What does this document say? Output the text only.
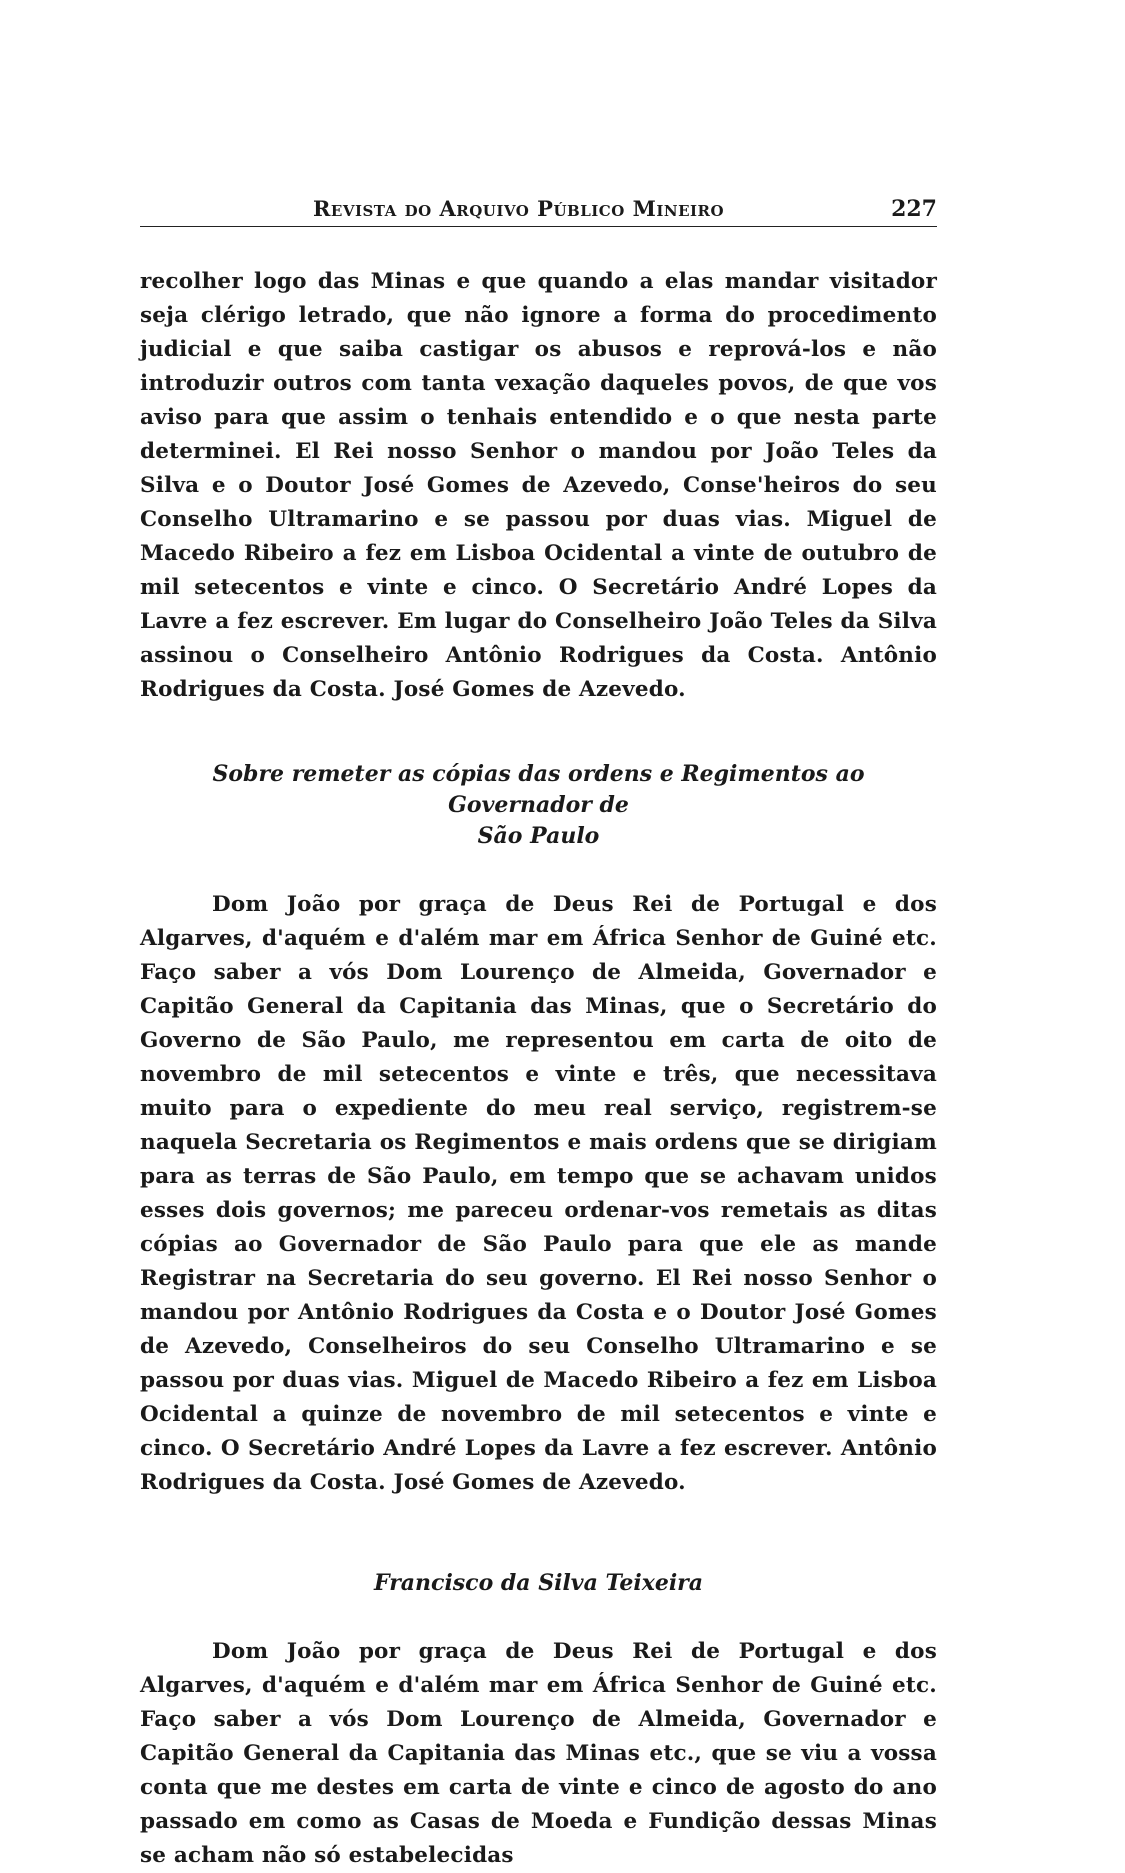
Revista do Arquivo Público Mineiro	227

recolher logo das Minas e que quando a elas mandar visitador seja clérigo letrado, que não ignore a forma do procedimento judicial e que saiba castigar os abusos e reprová-los e não introduzir outros com tanta vexação daqueles povos, de que vos aviso para que assim o tenhais entendido e o que nesta parte determinei. El Rei nosso Senhor o mandou por João Teles da Silva e o Doutor José Gomes de Azevedo, Conse'heiros do seu Conselho Ultramarino e se passou por duas vias. Miguel de Macedo Ribeiro a fez em Lisboa Ocidental a vinte de outubro de mil setecentos e vinte e cinco. O Secretário André Lopes da Lavre a fez escrever. Em lugar do Conselheiro João Teles da Silva assinou o Conselheiro Antônio Rodrigues da Costa. Antônio Rodrigues da Costa. José Gomes de Azevedo.

Sobre remeter as cópias das ordens e Regimentos ao Governador de
São Paulo

Dom João por graça de Deus Rei de Portugal e dos Algarves, d'aquém e d'além mar em África Senhor de Guiné etc. Faço saber a vós Dom Lourenço de Almeida, Governador e Capitão General da Capitania das Minas, que o Secretário do Governo de São Paulo, me representou em carta de oito de novembro de mil setecentos e vinte e três, que necessitava muito para o expediente do meu real serviço, registrem-se naquela Secretaria os Regimentos e mais ordens que se dirigiam para as terras de São Paulo, em tempo que se achavam unidos esses dois governos; me pareceu ordenar-vos remetais as ditas cópias ao Governador de São Paulo para que ele as mande Registrar na Secretaria do seu governo. El Rei nosso Senhor o mandou por Antônio Rodrigues da Costa e o Doutor José Gomes de Azevedo, Conselheiros do seu Conselho Ultramarino e se passou por duas vias. Miguel de Macedo Ribeiro a fez em Lisboa Ocidental a quinze de novembro de mil setecentos e vinte e cinco. O Secretário André Lopes da Lavre a fez escrever. Antônio Rodrigues da Costa. José Gomes de Azevedo.

Francisco da Silva Teixeira

Dom João por graça de Deus Rei de Portugal e dos Algarves, d'aquém e d'além mar em África Senhor de Guiné etc. Faço saber a vós Dom Lourenço de Almeida, Governador e Capitão General da Capitania das Minas etc., que se viu a vossa conta que me destes em carta de vinte e cinco de agosto do ano passado em como as Casas de Moeda e Fundição dessas Minas se acham não só estabelecidas
